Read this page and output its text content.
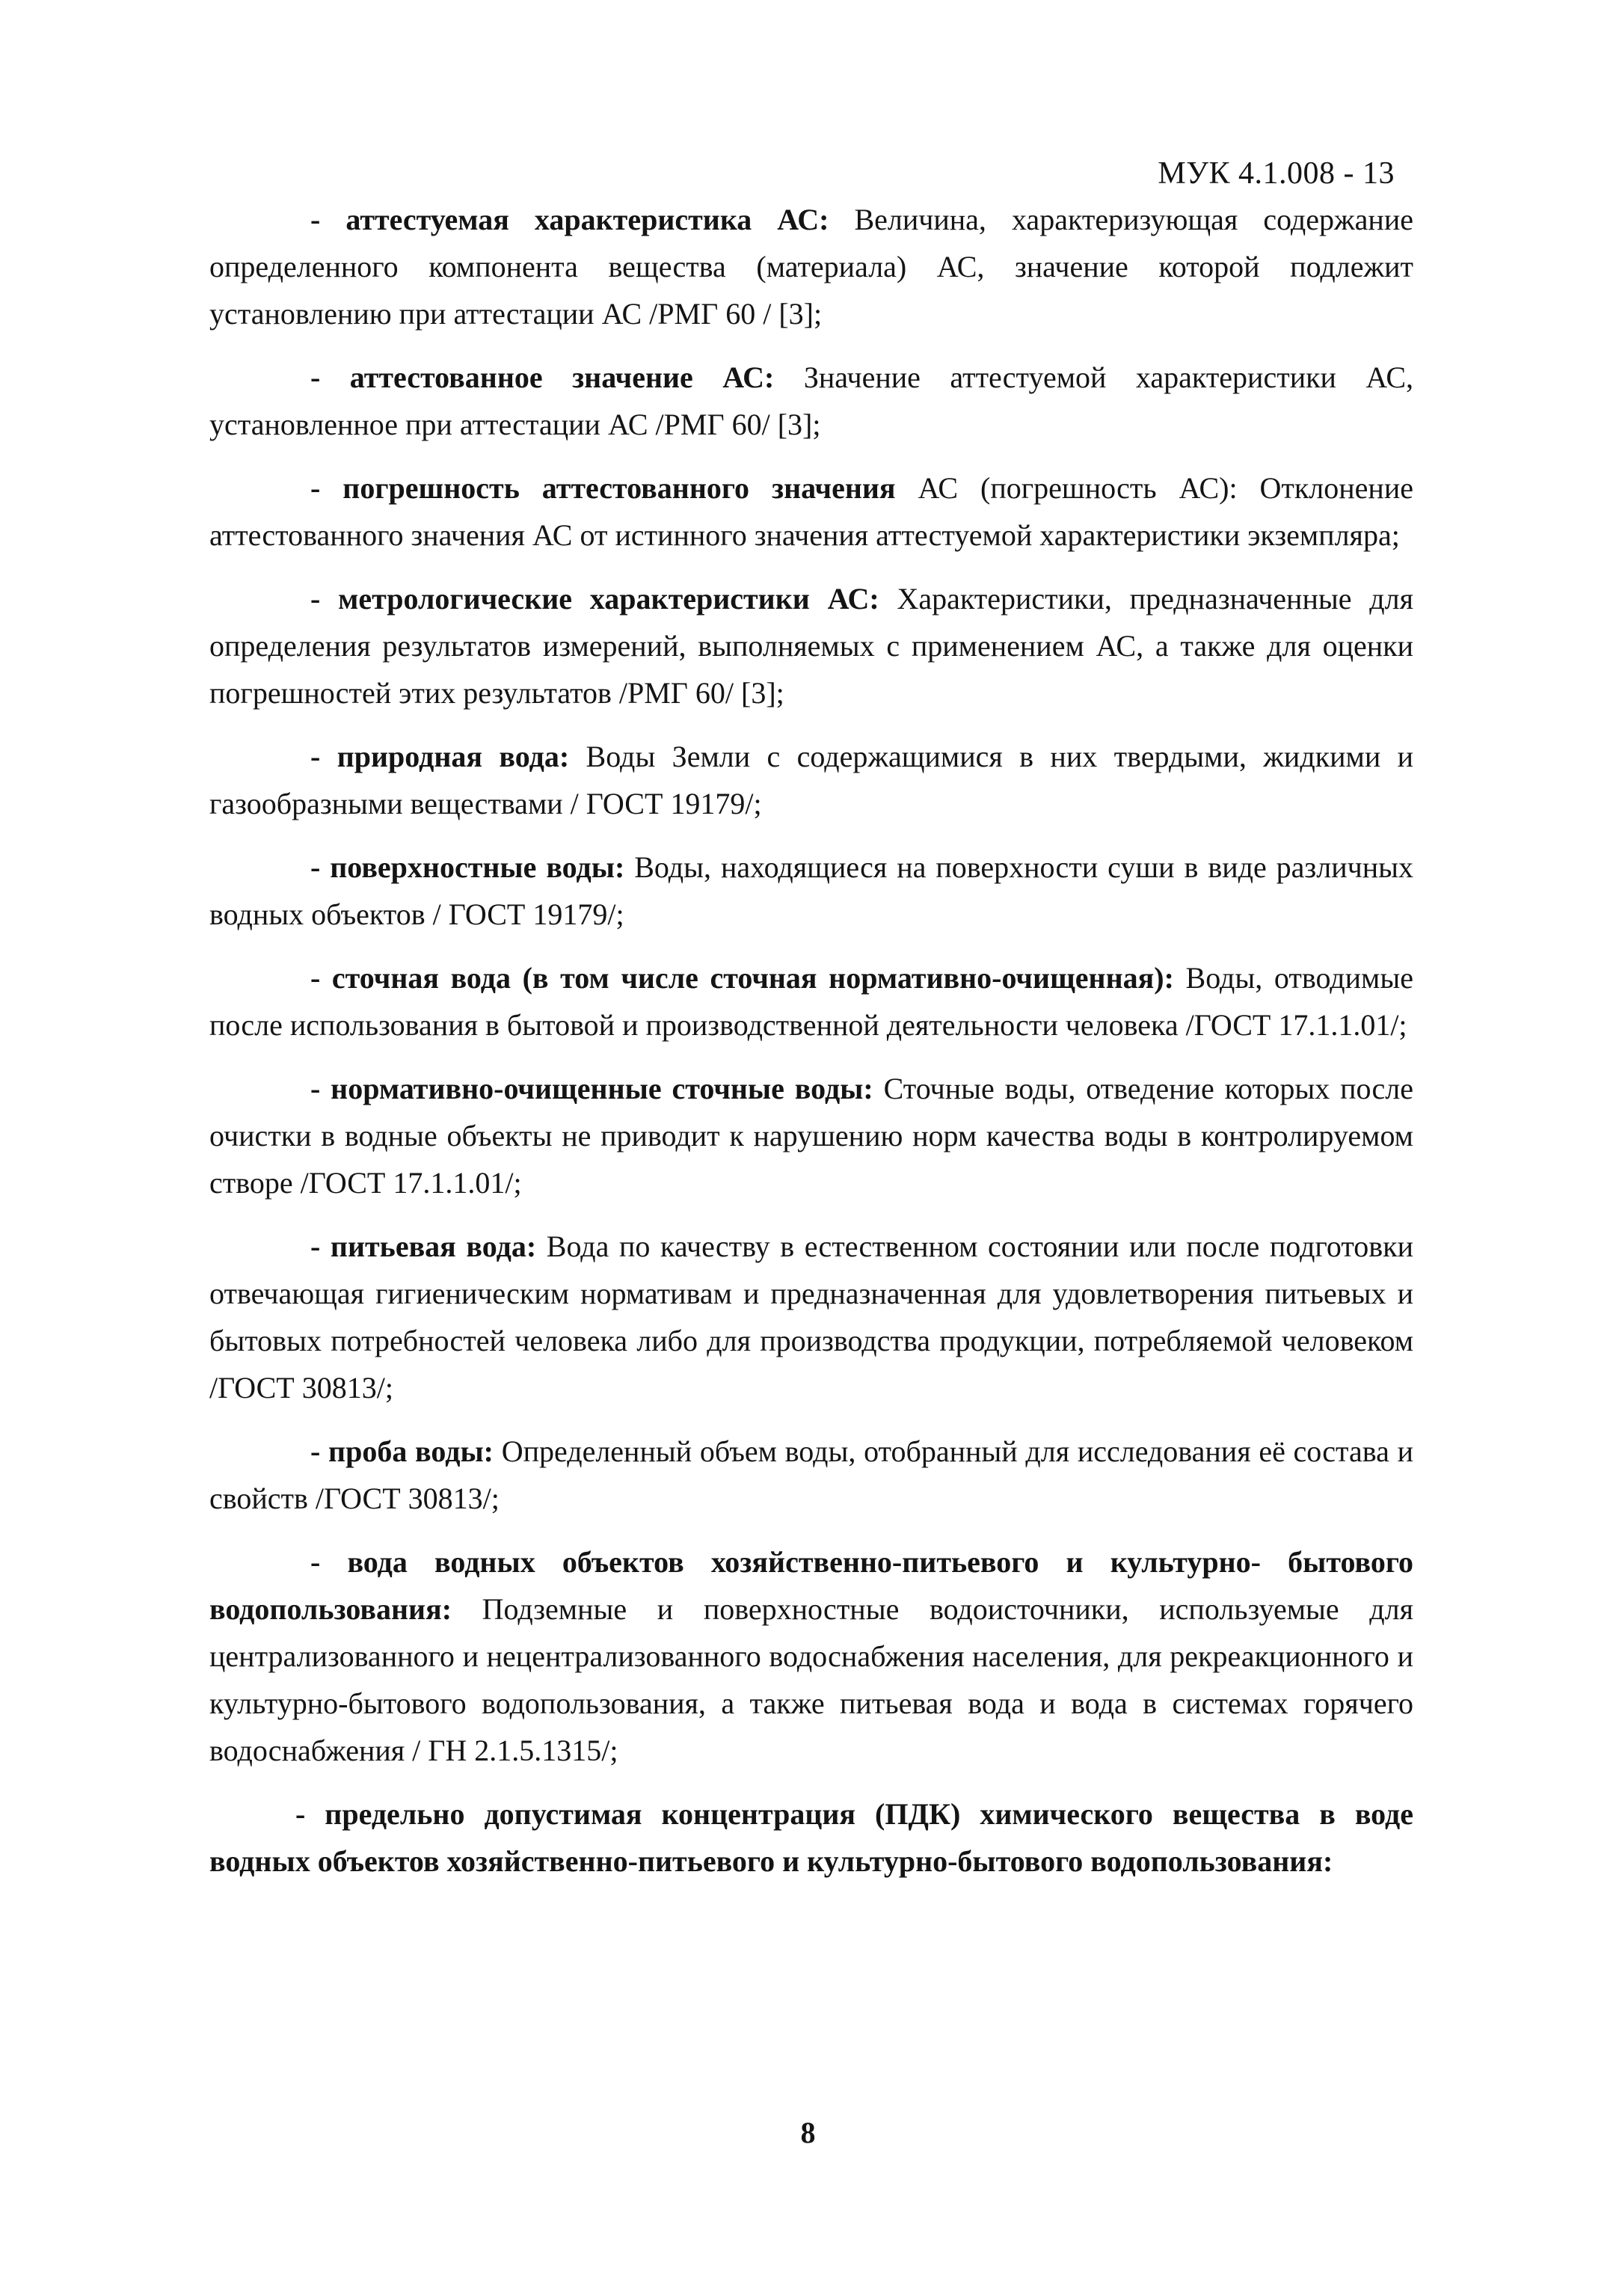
МУК 4.1.008 - 13

- аттестуемая характеристика АС: Величина, характеризующая содержание определенного компонента вещества (материала) АС, значение которой подлежит установлению при аттестации АС /РМГ 60 / [3];

- аттестованное значение АС: Значение аттестуемой характеристики АС, установленное при аттестации АС /РМГ 60/ [3];

- погрешность аттестованного значения АС (погрешность АС): Отклонение аттестованного значения АС от истинного значения аттестуемой характеристики экземпляра;

- метрологические характеристики АС: Характеристики, предназначенные для определения результатов измерений, выполняемых с применением АС, а также для оценки погрешностей этих результатов /РМГ 60/ [3];

- природная вода: Воды Земли с содержащимися в них твердыми, жидкими и газообразными веществами / ГОСТ 19179/;

- поверхностные воды: Воды, находящиеся на поверхности суши в виде различных водных объектов / ГОСТ 19179/;

- сточная вода (в том числе сточная нормативно-очищенная): Воды, отводимые после использования в бытовой и производственной деятельности человека /ГОСТ 17.1.1.01/;

- нормативно-очищенные сточные воды: Сточные воды, отведение которых после очистки в водные объекты не приводит к нарушению норм качества воды в контролируемом створе /ГОСТ 17.1.1.01/;

- питьевая вода: Вода по качеству в естественном состоянии или после подготовки отвечающая гигиеническим нормативам и предназначенная для удовлетворения питьевых и бытовых потребностей человека либо для производства продукции, потребляемой человеком /ГОСТ 30813/;

- проба воды: Определенный объем воды, отобранный для исследования её состава и свойств /ГОСТ 30813/;

- вода водных объектов хозяйственно-питьевого и культурно- бытового водопользования: Подземные и поверхностные водоисточники, используемые для централизованного и нецентрализованного водоснабжения населения, для рекреакционного и культурно-бытового водопользования, а также питьевая вода и вода в системах горячего водоснабжения / ГН 2.1.5.1315/;

- предельно допустимая концентрация (ПДК) химического вещества в воде водных объектов хозяйственно-питьевого и культурно-бытового водопользования:

8
